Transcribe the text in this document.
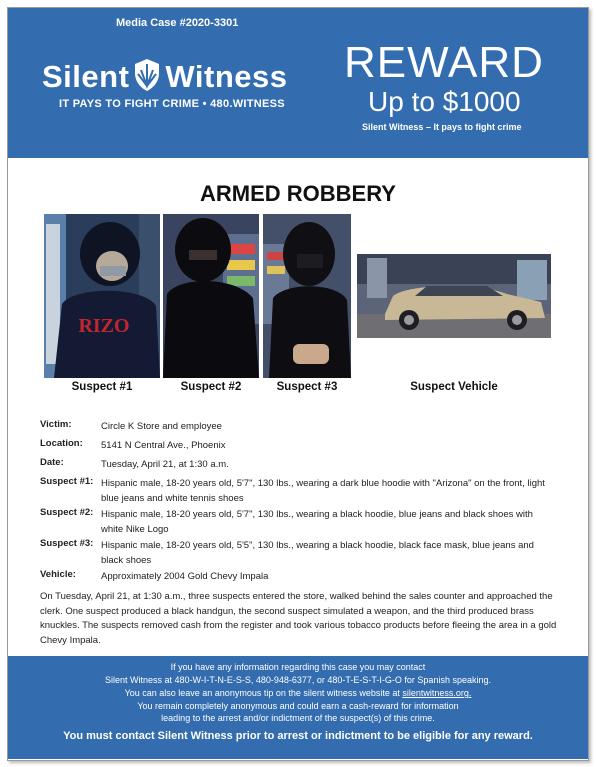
Media Case #2020-3301
Silent Witness
IT PAYS TO FIGHT CRIME • 480.WITNESS
REWARD
Up to $1000
Silent Witness – It pays to fight crime
ARMED ROBBERY
RIZO
Suspect #1	Suspect #2	Suspect #3	Suspect Vehicle
Victim:	Circle K Store and employee
Location: 5141 N Central Ave., Phoenix
Date:	Tuesday, April 21, at 1:30 a.m.
Suspect #1: Hispanic male, 18-20 years old, 5'7", 130 lbs., wearing a dark blue hoodie with "Arizona" on the front, light blue jeans and white tennis shoes
Suspect #2: Hispanic male, 18-20 years old, 5'7", 130 lbs., wearing a black hoodie, blue jeans and black shoes with white Nike Logo
Suspect #3: Hispanic male, 18-20 years old, 5'5", 130 lbs., wearing a black hoodie, black face mask, blue jeans and black shoes
Vehicle:	Approximately 2004 Gold Chevy Impala
On Tuesday, April 21, at 1:30 a.m., three suspects entered the store, walked behind the sales counter and approached the clerk. One suspect produced a black handgun, the second suspect simulated a weapon, and the third produced brass knuckles. The suspects removed cash from the register and took various tobacco products before fleeing the area in a gold Chevy Impala.
If you have any information regarding this case you may contact
Silent Witness at 480-W-I-T-N-E-S-S, 480-948-6377, or 480-T-E-S-T-I-G-O for Spanish speaking.
You can also leave an anonymous tip on the silent witness website at silentwitness.org.
You remain completely anonymous and could earn a cash-reward for information
leading to the arrest and/or indictment of the suspect(s) of this crime.
You must contact Silent Witness prior to arrest or indictment to be eligible for any reward.
